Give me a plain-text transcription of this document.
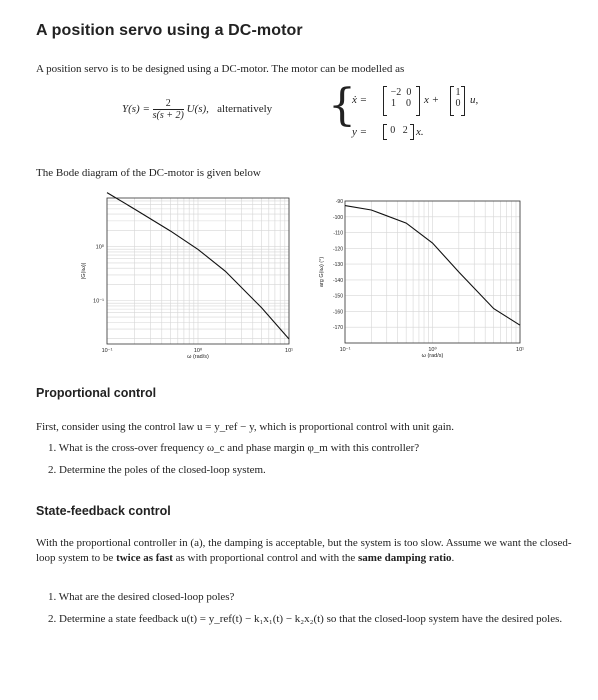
A position servo using a DC-motor
A position servo is to be designed using a DC-motor. The motor can be modelled as
$Y(s) = \frac{2}{s(s + 2)} U(s)$, alternatively {
ẋ =
−2 0
1 0	x +
1
0 u,
y =	0 2 x.
The Bode diagram of the DC-motor is given below
10⁻¹	10⁰	10¹
ω (rad/s)
|G(iω)|
10⁰
10⁻¹
10⁻¹	10⁰	10¹
ω (rad/s)
arg G(iω) (°)
-90
-100
-110
-120
-130
-140
-150
-160
-170
Proportional control
First, consider using the control law u = y_ref − y, which is proportional control with unit gain.
1. What is the cross-over frequency ω_c and phase margin φ_m with this controller?
2. Determine the poles of the closed-loop system.
State-feedback control
With the proportional controller in (a), the damping is acceptable, but the system is too slow. Assume we want the closed-loop system to be twice as fast as with proportional control and with the same damping ratio.
1. What are the desired closed-loop poles?
2. Determine a state feedback u(t) = y_ref(t) − k₁x₁(t) − k₂x₂(t) so that the closed-loop system have the desired poles.
